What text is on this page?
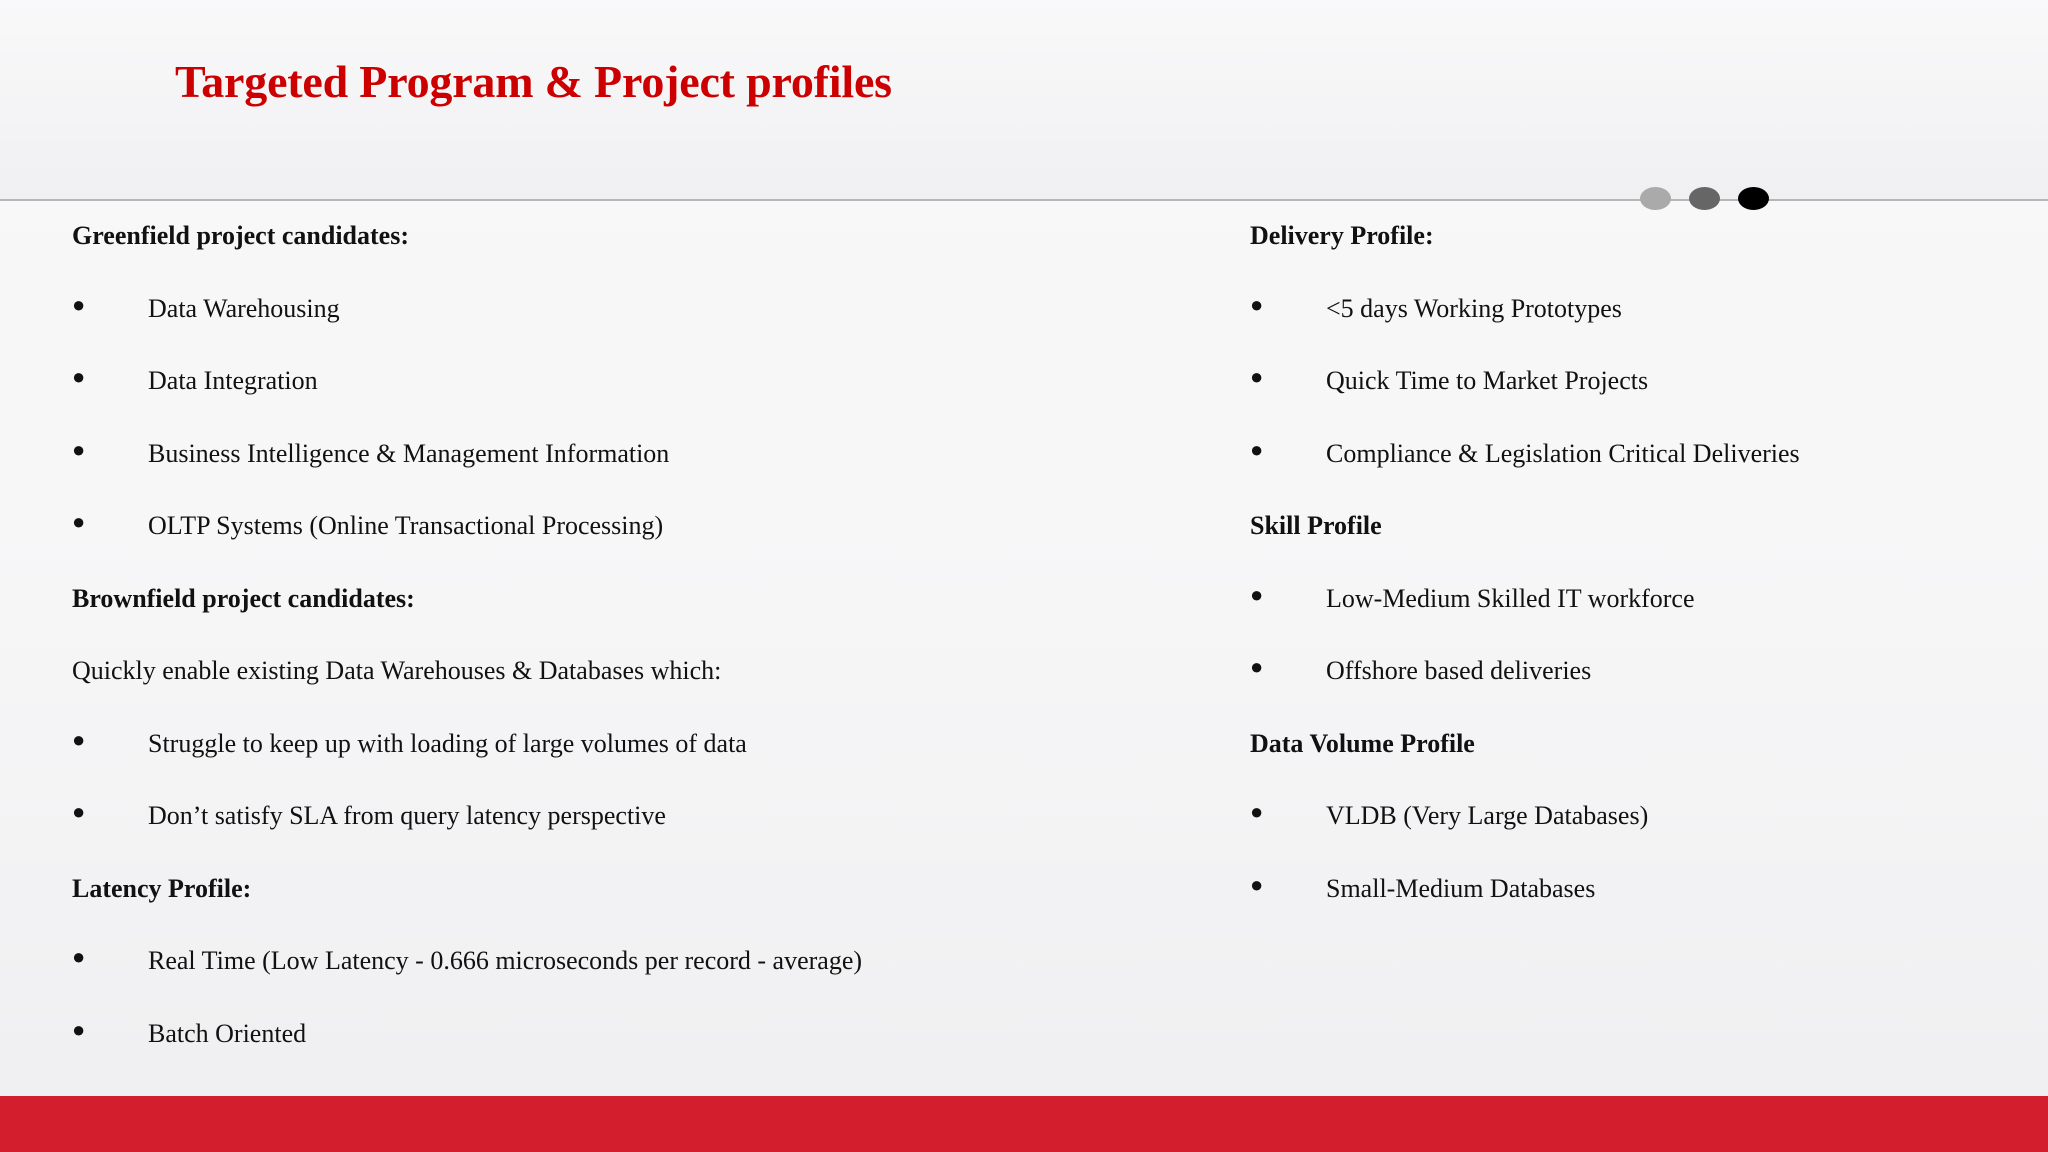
Targeted Program & Project profiles
Greenfield project candidates:
●	Data Warehousing
●	Data Integration
●	Business Intelligence & Management Information
●	OLTP Systems (Online Transactional Processing)
Brownfield project candidates:
Quickly enable existing Data Warehouses & Databases which:
●	Struggle to keep up with loading of large volumes of data
●	Don’t satisfy SLA from query latency perspective
Latency Profile:
●	Real Time (Low Latency - 0.666 microseconds per record - average)
●	Batch Oriented
Delivery Profile:
●	<5 days Working Prototypes
●	Quick Time to Market Projects
●	Compliance & Legislation Critical Deliveries
Skill Profile
●	Low-Medium Skilled IT workforce
●	Offshore based deliveries
Data Volume Profile
●	VLDB (Very Large Databases)
●	Small-Medium Databases
